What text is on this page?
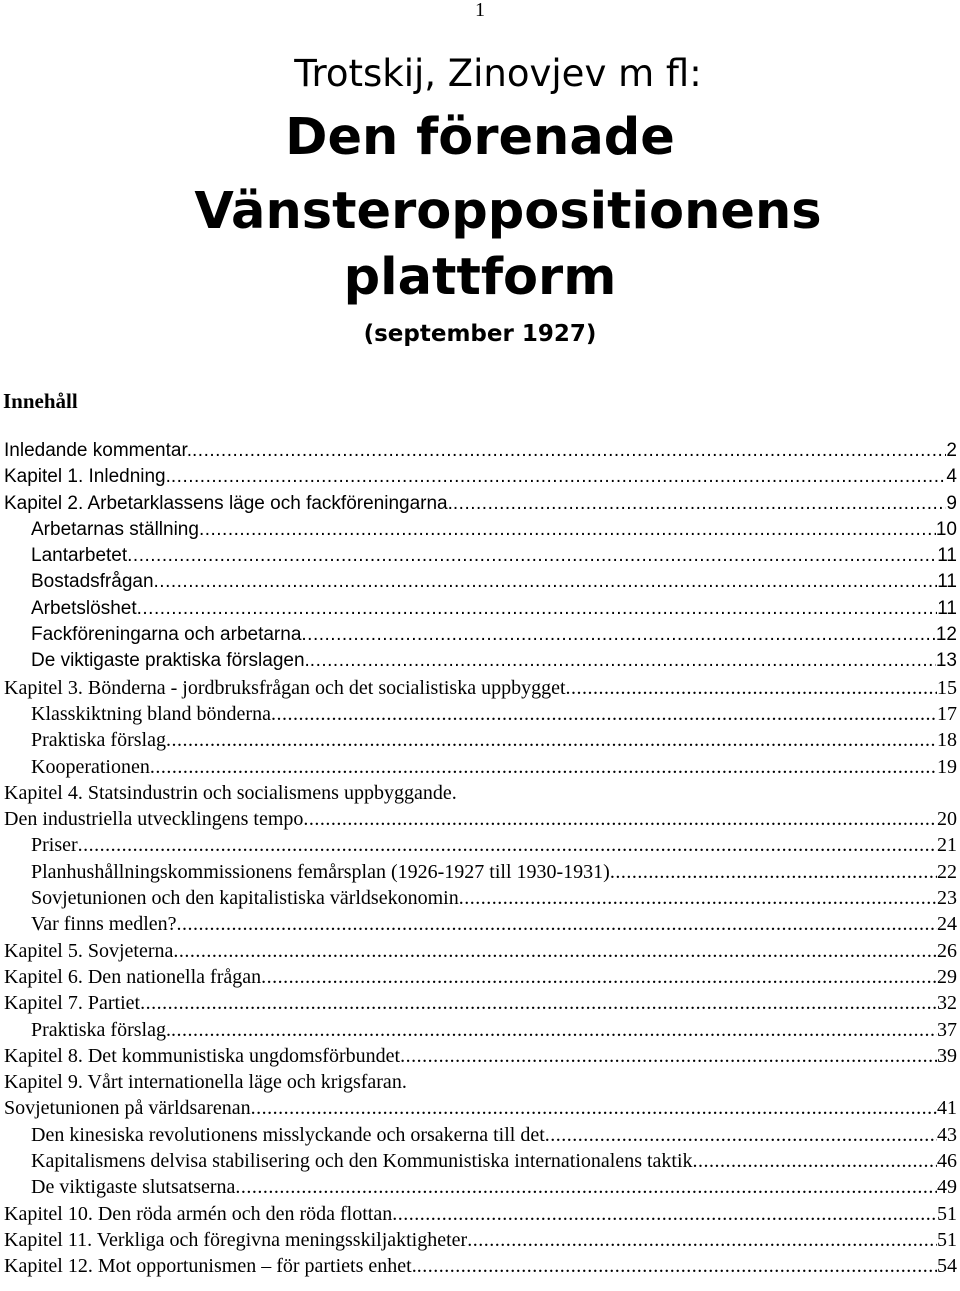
1
Trotskij, Zinovjev m fl:
Den förenade
Vänsteroppositionens
plattform
(september 1927)
Innehåll
Inledande kommentar. .....	2
Kapitel 1. Inledning. .....	4
Kapitel 2. Arbetarklassens läge och fackföreningarna. .....	9
Arbetarnas ställning .....	10
Lantarbetet .....	11
Bostadsfrågan .....	11
Arbetslöshet .....	11
Fackföreningarna och arbetarna .....	12
De viktigaste praktiska förslagen. .....	13
Kapitel 3. Bönderna - jordbruksfrågan och det socialistiska uppbygget .....	15
Klasskiktning bland bönderna .....	17
Praktiska förslag .....	18
Kooperationen .....	19
Kapitel 4. Statsindustrin och socialismens uppbyggande.
Den industriella utvecklingens tempo .....	20
Priser .....	21
Planhushållningskommissionens femårsplan (1926-1927 till 1930-1931) .....	22
Sovjetunionen och den kapitalistiska världsekonomin .....	23
Var finns medlen? .....	24
Kapitel 5. Sovjeterna .....	26
Kapitel 6. Den nationella frågan .....	29
Kapitel 7. Partiet .....	32
Praktiska förslag. .....	37
Kapitel 8. Det kommunistiska ungdomsförbundet .....	39
Kapitel 9. Vårt internationella läge och krigsfaran.
Sovjetunionen på världsarenan .....	41
Den kinesiska revolutionens misslyckande och orsakerna till det .....	43
Kapitalismens delvisa stabilisering och den Kommunistiska internationalens taktik .....	46
De viktigaste slutsatserna .....	49
Kapitel 10. Den röda armén och den röda flottan .....	51
Kapitel 11. Verkliga och föregivna meningsskiljaktigheter .....	51
Kapitel 12. Mot opportunismen – för partiets enhet. .....	54
